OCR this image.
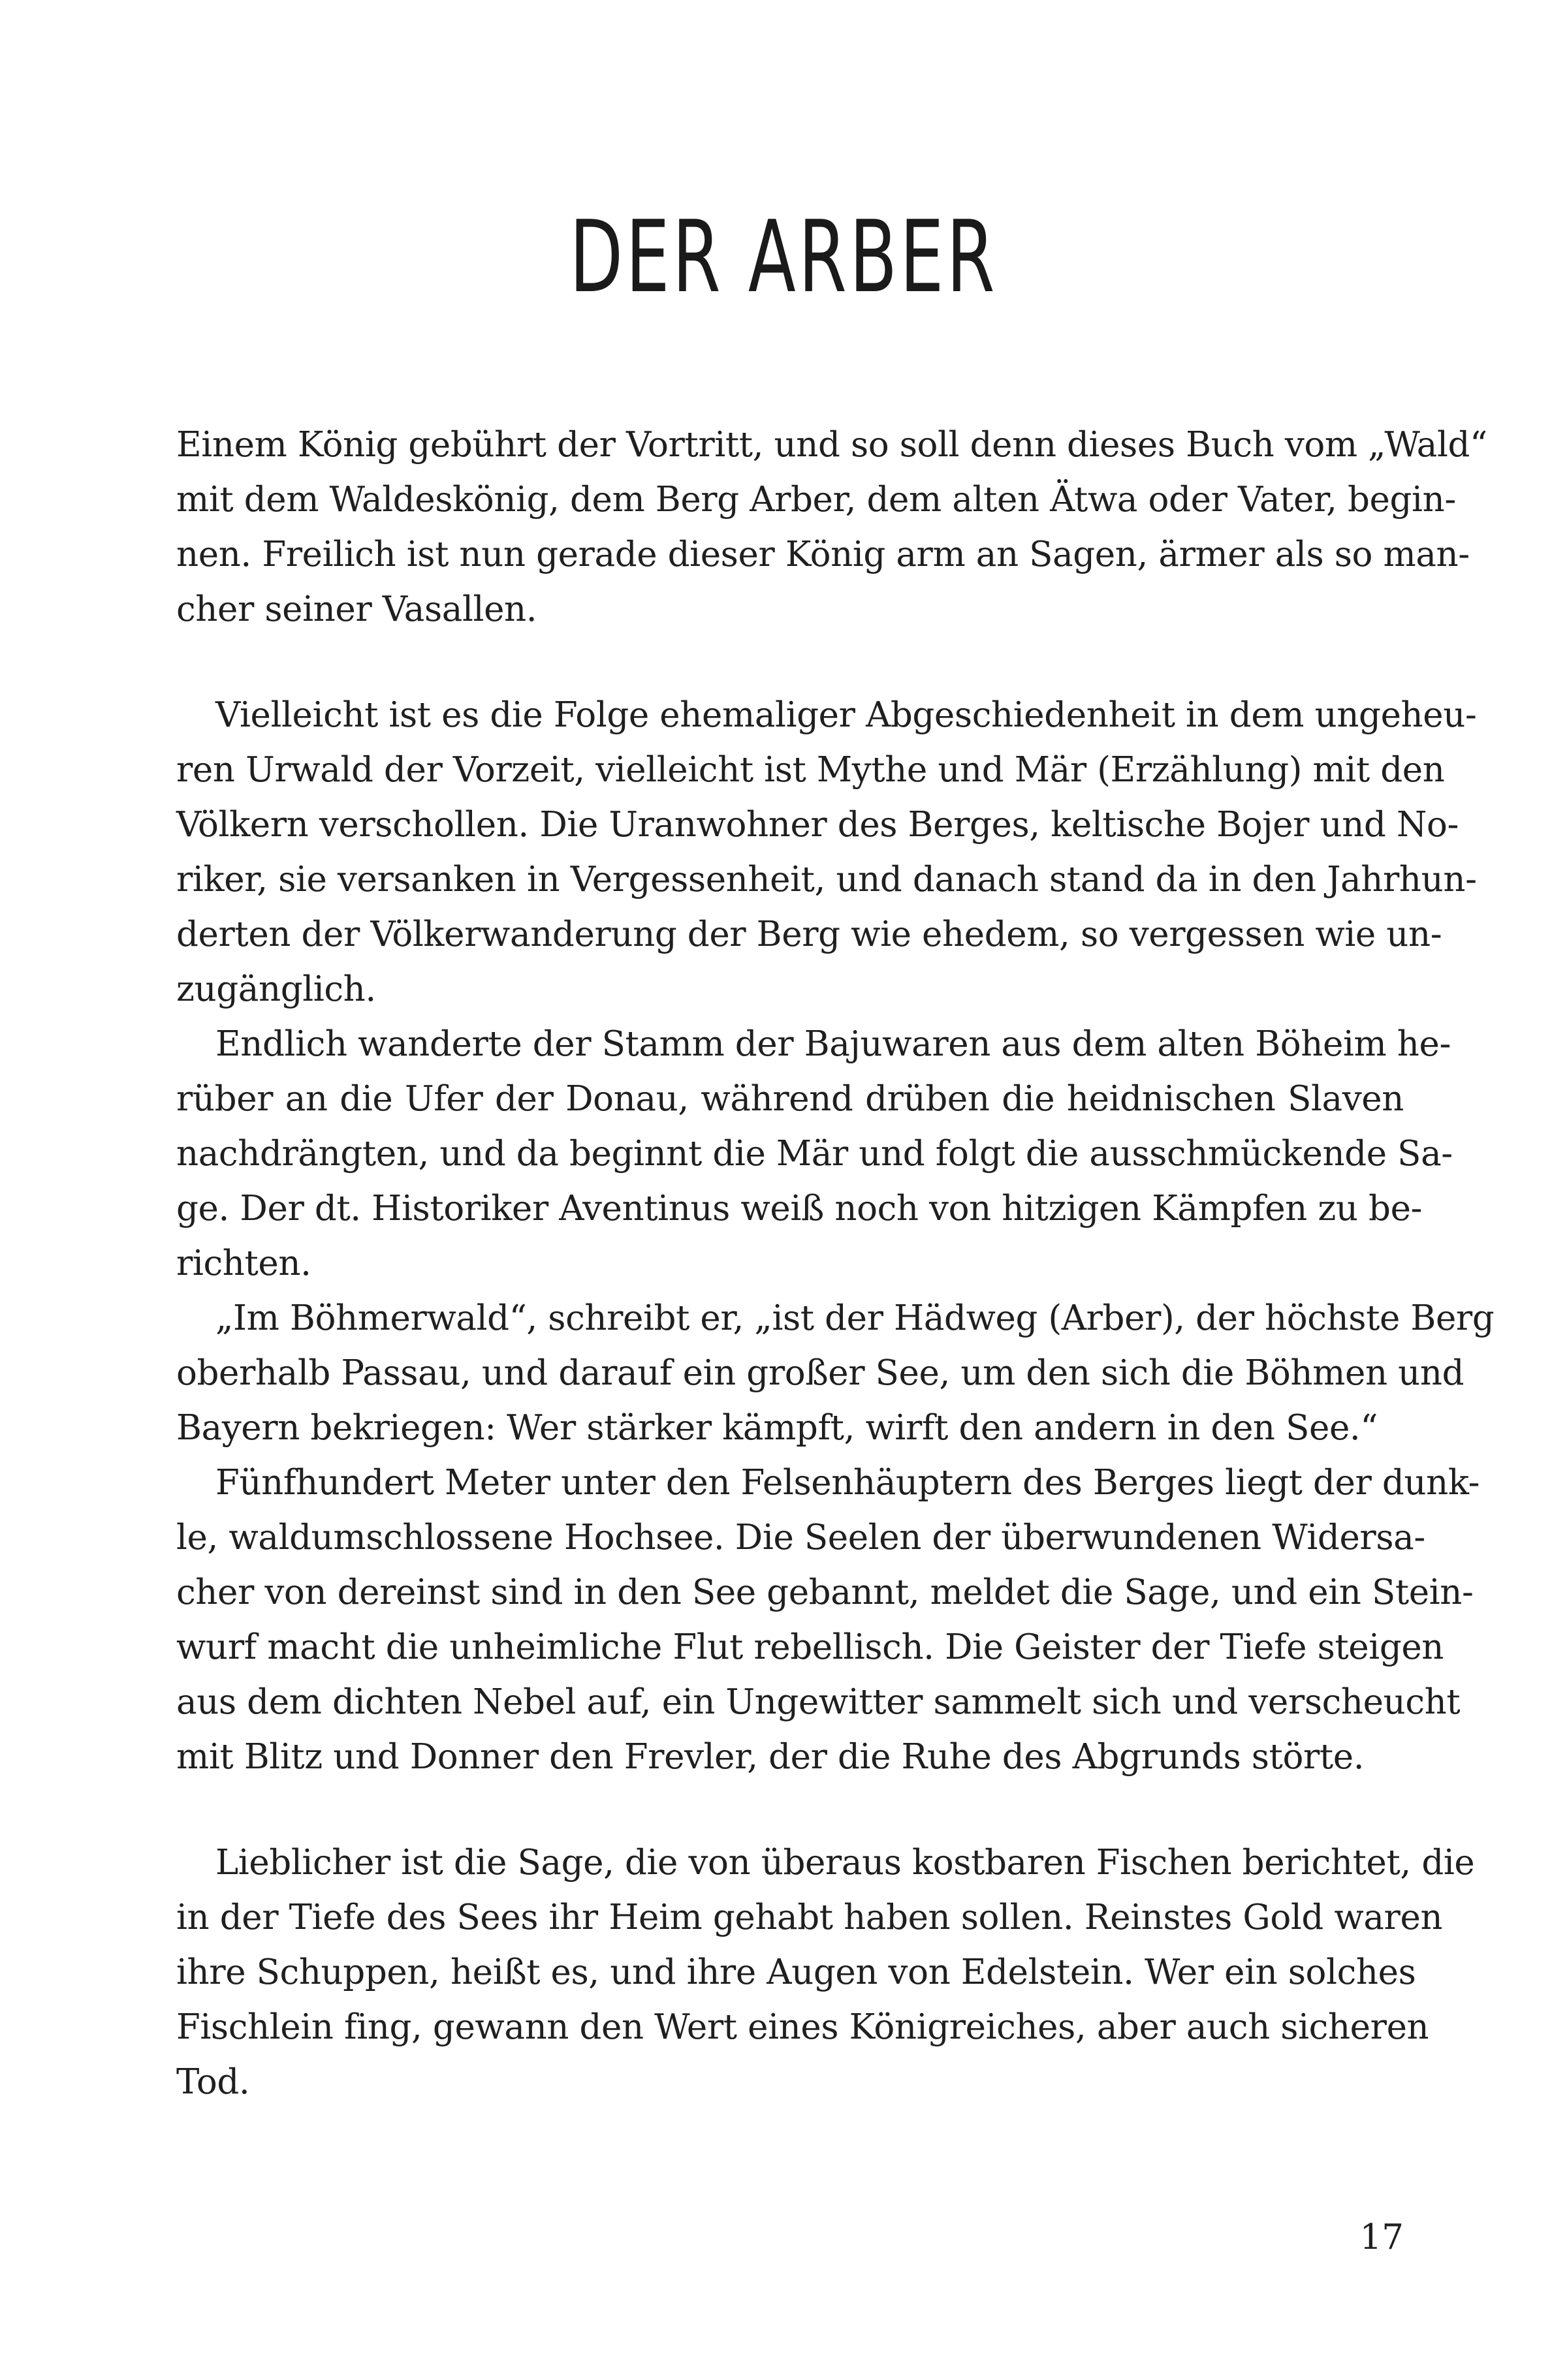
DER ARBER
Einem König gebührt der Vortritt, und so soll denn dieses Buch vom „Wald“
mit dem Waldeskönig, dem Berg Arber, dem alten Ätwa oder Vater, begin-
nen. Freilich ist nun gerade dieser König arm an Sagen, ärmer als so man-
cher seiner Vasallen.
Vielleicht ist es die Folge ehemaliger Abgeschiedenheit in dem ungeheu-
ren Urwald der Vorzeit, vielleicht ist Mythe und Mär (Erzählung) mit den
Völkern verschollen. Die Uranwohner des Berges, keltische Bojer und No-
riker, sie versanken in Vergessenheit, und danach stand da in den Jahrhun-
derten der Völkerwanderung der Berg wie ehedem, so vergessen wie un-
zugänglich.
Endlich wanderte der Stamm der Bajuwaren aus dem alten Böheim he-
rüber an die Ufer der Donau, während drüben die heidnischen Slaven
nachdrängten, und da beginnt die Mär und folgt die ausschmückende Sa-
ge. Der dt. Historiker Aventinus weiß noch von hitzigen Kämpfen zu be-
richten.
„Im Böhmerwald“, schreibt er, „ist der Hädweg (Arber), der höchste Berg
oberhalb Passau, und darauf ein großer See, um den sich die Böhmen und
Bayern bekriegen: Wer stärker kämpft, wirft den andern in den See.“
Fünfhundert Meter unter den Felsenhäuptern des Berges liegt der dunk-
le, waldumschlossene Hochsee. Die Seelen der überwundenen Widersa-
cher von dereinst sind in den See gebannt, meldet die Sage, und ein Stein-
wurf macht die unheimliche Flut rebellisch. Die Geister der Tiefe steigen
aus dem dichten Nebel auf, ein Ungewitter sammelt sich und verscheucht
mit Blitz und Donner den Frevler, der die Ruhe des Abgrunds störte.
Lieblicher ist die Sage, die von überaus kostbaren Fischen berichtet, die
in der Tiefe des Sees ihr Heim gehabt haben sollen. Reinstes Gold waren
ihre Schuppen, heißt es, und ihre Augen von Edelstein. Wer ein solches
Fischlein fing, gewann den Wert eines Königreiches, aber auch sicheren
Tod.
17
